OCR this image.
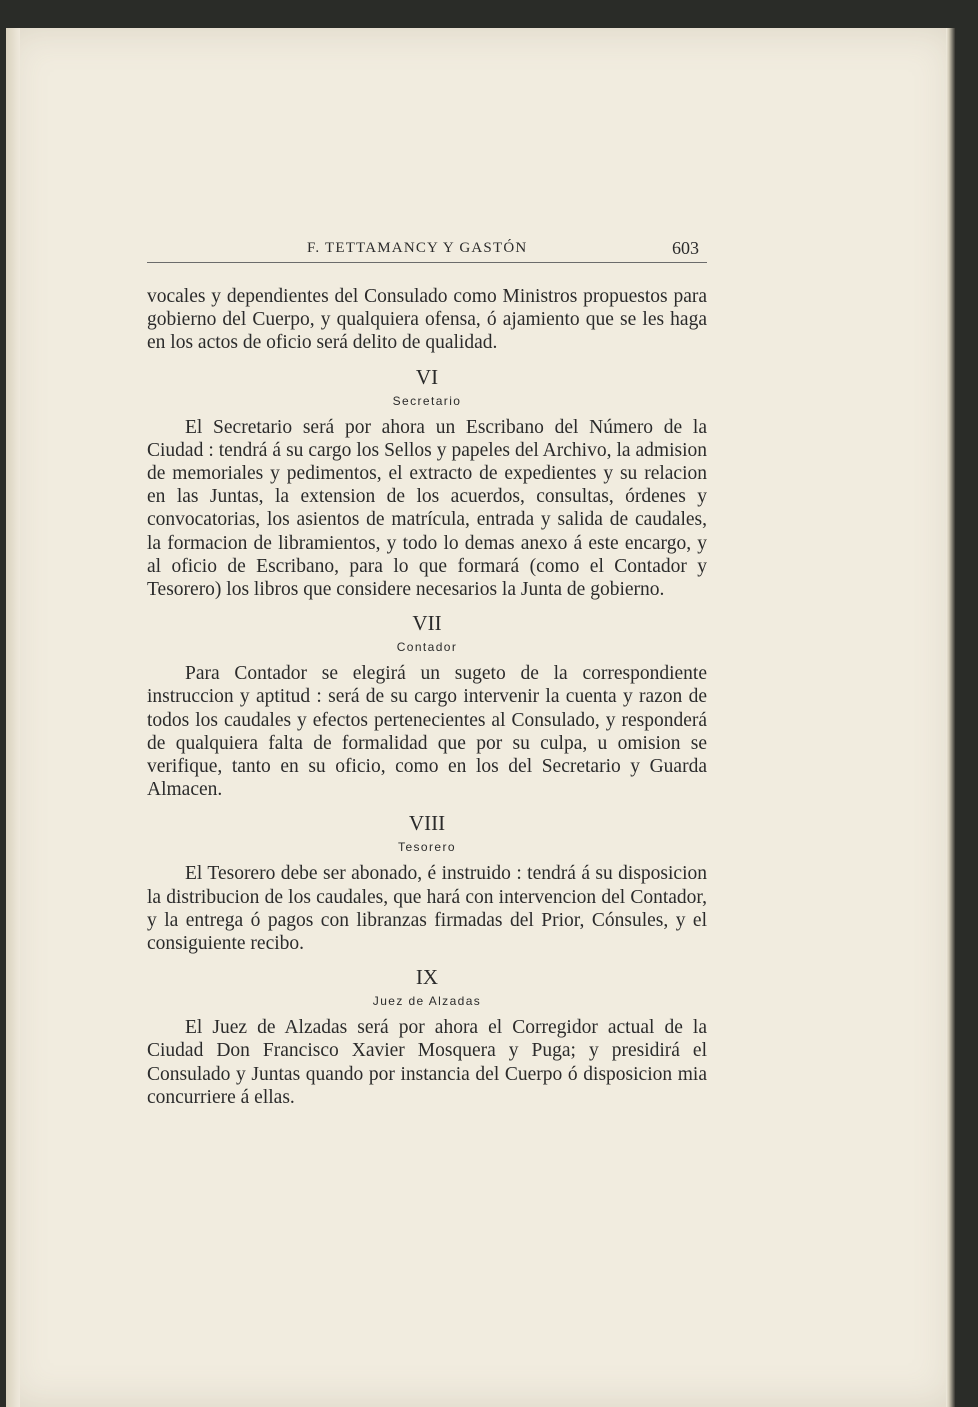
F. TETTAMANCY Y GASTÓN	603

vocales y dependientes del Consulado como Ministros propuestos para gobierno del Cuerpo, y qualquiera ofensa, ó ajamiento que se les haga en los actos de oficio será delito de qualidad.

VI
Secretario

El Secretario será por ahora un Escribano del Número de la Ciudad : tendrá á su cargo los Sellos y papeles del Archivo, la admision de memoriales y pedimentos, el extracto de expedientes y su relacion en las Juntas, la extension de los acuerdos, consultas, órdenes y convocatorias, los asientos de matrícula, entrada y salida de caudales, la formacion de libramientos, y todo lo demas anexo á este encargo, y al oficio de Escribano, para lo que formará (como el Contador y Tesorero) los libros que considere necesarios la Junta de gobierno.

VII
Contador

Para Contador se elegirá un sugeto de la correspondiente instruccion y aptitud : será de su cargo intervenir la cuenta y razon de todos los caudales y efectos pertenecientes al Consulado, y responderá de qualquiera falta de formalidad que por su culpa, u omision se verifique, tanto en su oficio, como en los del Secretario y Guarda Almacen.

VIII
Tesorero

El Tesorero debe ser abonado, é instruido : tendrá á su disposicion la distribucion de los caudales, que hará con intervencion del Contador, y la entrega ó pagos con libranzas firmadas del Prior, Cónsules, y el consiguiente recibo.

IX
Juez de Alzadas

El Juez de Alzadas será por ahora el Corregidor actual de la Ciudad Don Francisco Xavier Mosquera y Puga; y presidirá el Consulado y Juntas quando por instancia del Cuerpo ó disposicion mia concurriere á ellas.
